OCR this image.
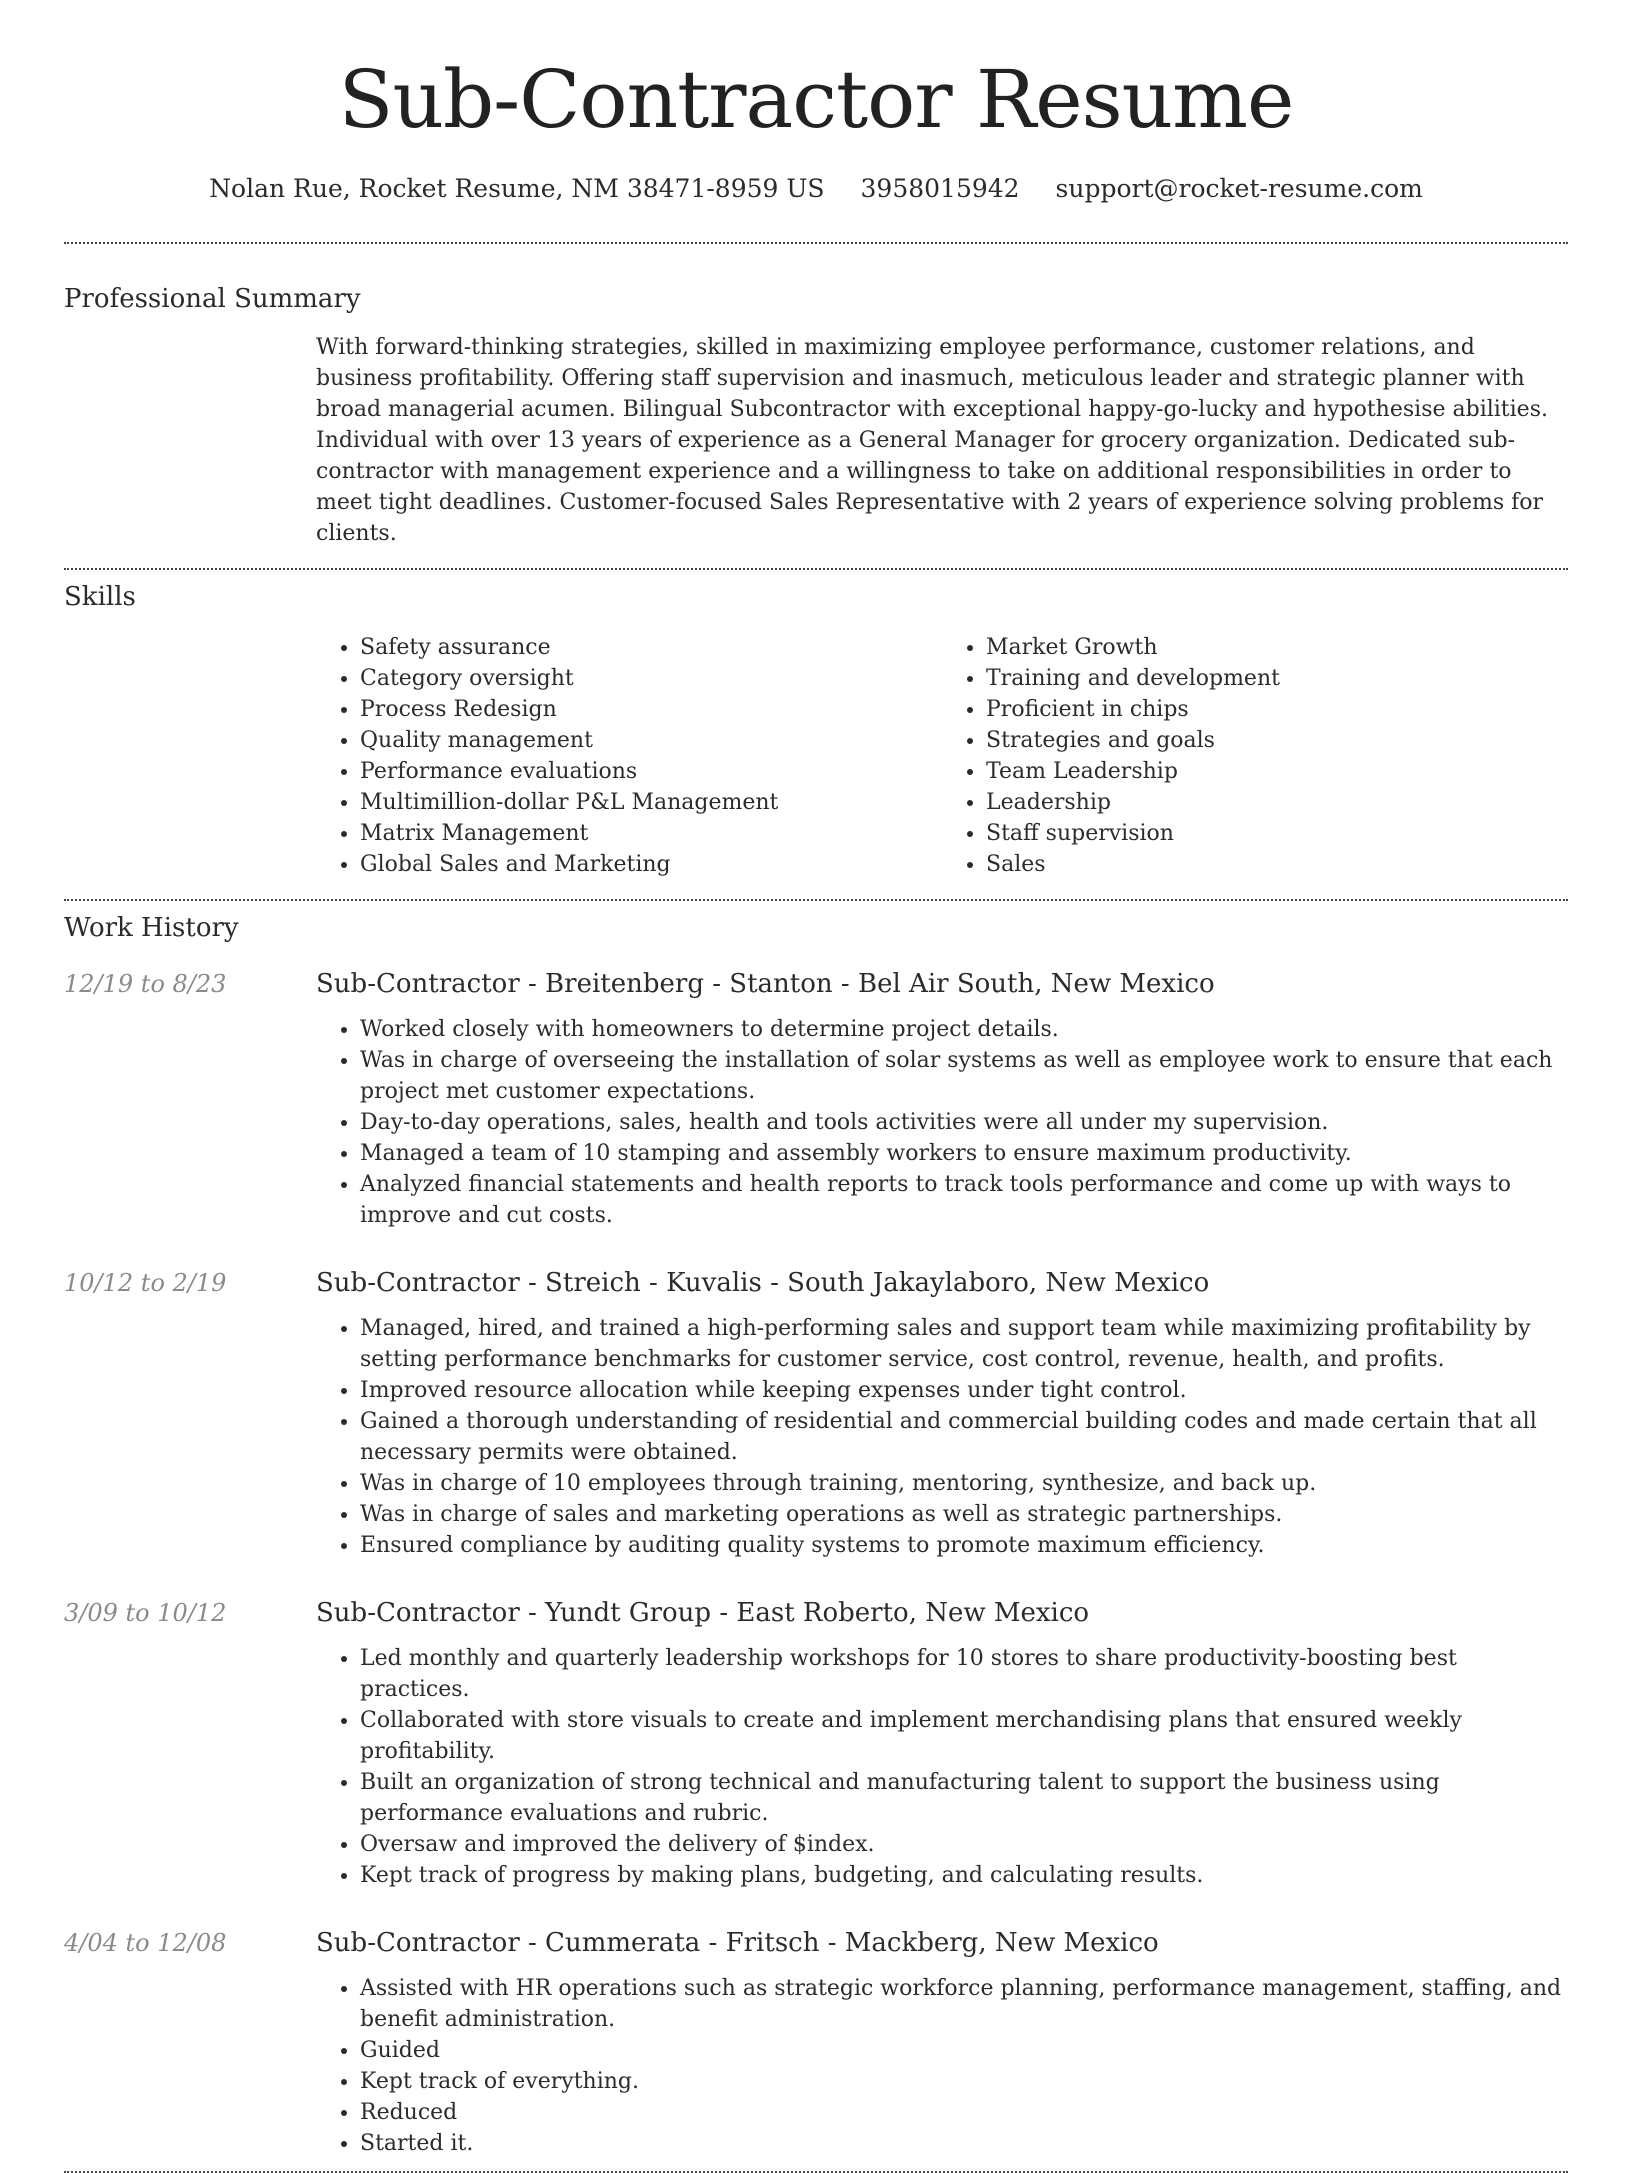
Sub-Contractor Resume
Nolan Rue, Rocket Resume, NM 38471-8959 US 3958015942 support@rocket-resume.com
Professional Summary

With forward-thinking strategies, skilled in maximizing employee performance, customer relations, and business profitability. Offering staff supervision and inasmuch, meticulous leader and strategic planner with broad managerial acumen. Bilingual Subcontractor with exceptional happy-go-lucky and hypothesise abilities. Individual with over 13 years of experience as a General Manager for grocery organization. Dedicated sub-contractor with management experience and a willingness to take on additional responsibilities in order to meet tight deadlines. Customer-focused Sales Representative with 2 years of experience solving problems for clients.

Skills
• Safety assurance
• Category oversight
• Process Redesign
• Quality management
• Performance evaluations
• Multimillion-dollar P&L Management
• Matrix Management
• Global Sales and Marketing
• Market Growth
• Training and development
• Proficient in chips
• Strategies and goals
• Team Leadership
• Leadership
• Staff supervision
• Sales
Work History
12/19 to 8/23	Sub-Contractor - Breitenberg - Stanton - Bel Air South, New Mexico
• Worked closely with homeowners to determine project details.
• Was in charge of overseeing the installation of solar systems as well as employee work to ensure that each project met customer expectations.
• Day-to-day operations, sales, health and tools activities were all under my supervision.
• Managed a team of 10 stamping and assembly workers to ensure maximum productivity.
• Analyzed financial statements and health reports to track tools performance and come up with ways to improve and cut costs.
10/12 to 2/19	Sub-Contractor - Streich - Kuvalis - South Jakaylaboro, New Mexico
• Managed, hired, and trained a high-performing sales and support team while maximizing profitability by setting performance benchmarks for customer service, cost control, revenue, health, and profits.
• Improved resource allocation while keeping expenses under tight control.
• Gained a thorough understanding of residential and commercial building codes and made certain that all necessary permits were obtained.
• Was in charge of 10 employees through training, mentoring, synthesize, and back up.
• Was in charge of sales and marketing operations as well as strategic partnerships.
• Ensured compliance by auditing quality systems to promote maximum efficiency.
3/09 to 10/12	Sub-Contractor - Yundt Group - East Roberto, New Mexico
• Led monthly and quarterly leadership workshops for 10 stores to share productivity-boosting best practices.
• Collaborated with store visuals to create and implement merchandising plans that ensured weekly profitability.
• Built an organization of strong technical and manufacturing talent to support the business using performance evaluations and rubric.
• Oversaw and improved the delivery of $index.
• Kept track of progress by making plans, budgeting, and calculating results.
4/04 to 12/08	Sub-Contractor - Cummerata - Fritsch - Mackberg, New Mexico
• Assisted with HR operations such as strategic workforce planning, performance management, staffing, and benefit administration.
• Guided
• Kept track of everything.
• Reduced
• Started it.
